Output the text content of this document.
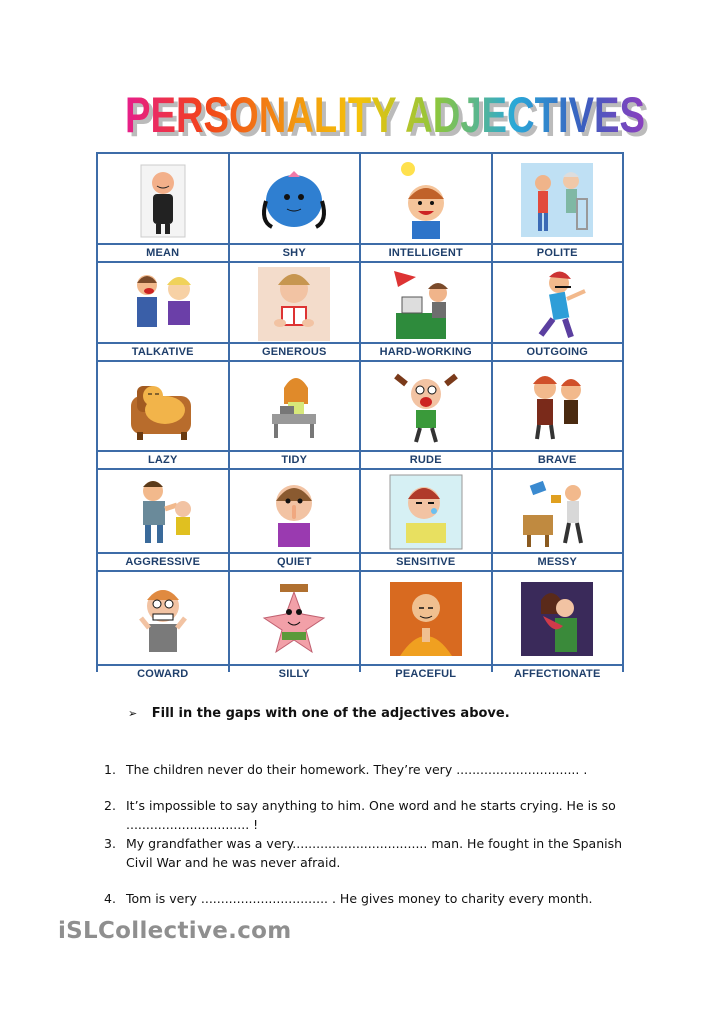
PERSONALITY ADJECTIVES
PERSONALITY ADJECTIVES
MEAN	SHY	INTELLIGENT	POLITE
TALKATIVE	GENEROUS	HARD-WORKING	OUTGOING
LAZY	TIDY	RUDE	BRAVE
AGGRESSIVE	QUIET	SENSITIVE	MESSY
COWARD	SILLY	PEACEFUL	AFFECTIONATE
➢ Fill in the gaps with one of the adjectives above.
1. The children never do their homework. They’re very ............................... .
2. It’s impossible to say anything to him. One word and he starts crying. He is so ............................... !
3. My grandfather was a very.................................. man. He fought in the Spanish Civil War and he was never afraid.
4. Tom is very ................................ . He gives money to charity every month.
iSLCollective.com
